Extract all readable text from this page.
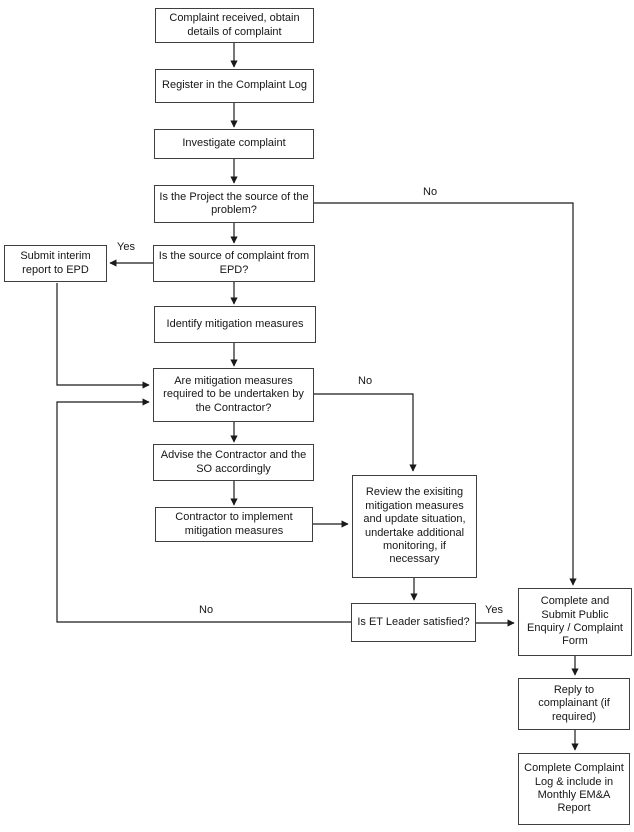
Complaint received, obtain details of complaint
Register in the Complaint Log
Investigate complaint
Is the Project the source of the problem?
Submit interim report to EPD
Is the source of complaint from EPD?
Identify mitigation measures
Are mitigation measures required to be undertaken by the Contractor?
Advise the Contractor and the SO accordingly
Contractor to implement mitigation measures
Review the exisiting mitigation measures and update situation, undertake additional monitoring, if necessary
Is ET Leader satisfied?
Complete and Submit Public Enquiry / Complaint Form
Reply to complainant (if required)
Complete Complaint Log & include in Monthly EM&A Report
Yes
No
No
Yes
No
